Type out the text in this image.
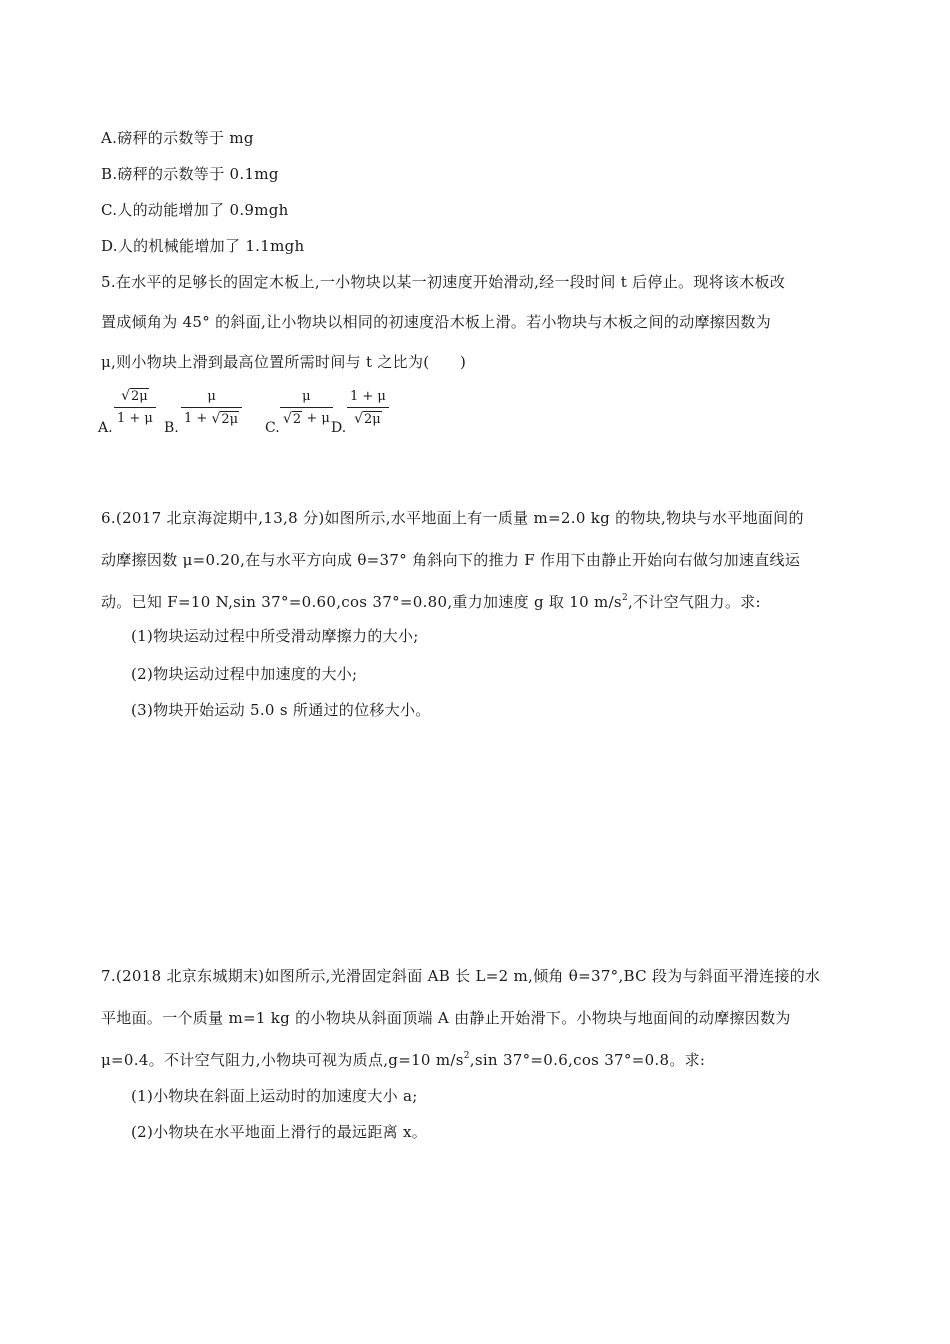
A.磅秤的示数等于 mg
B.磅秤的示数等于 0.1mg
C.人的动能增加了 0.9mgh
D.人的机械能增加了 1.1mgh
5.在水平的足够长的固定木板上,一小物块以某一初速度开始滑动,经一段时间 t 后停止。现将该木板改
置成倾角为 45° 的斜面,让小物块以相同的初速度沿木板上滑。若小物块与木板之间的动摩擦因数为
μ,则小物块上滑到最高位置所需时间与 t 之比为(　　)
A.
√ 2μ
1 + μ
B.
μ
1 + √ 2μ
C.
μ
√ 2 + μ
D.
1 + μ
√ 2μ
6.(2017 北京海淀期中,13,8 分)如图所示,水平地面上有一质量 m=2.0 kg 的物块,物块与水平地面间的
动摩擦因数 μ=0.20,在与水平方向成 θ=37° 角斜向下的推力 F 作用下由静止开始向右做匀加速直线运
动。已知 F=10 N,sin 37°=0.60,cos 37°=0.80,重力加速度 g 取 10 $m/s^2$,不计空气阻力。求:
(1)物块运动过程中所受滑动摩擦力的大小;
(2)物块运动过程中加速度的大小;
(3)物块开始运动 5.0 s 所通过的位移大小。
7.(2018 北京东城期末)如图所示,光滑固定斜面 AB 长 L=2 m,倾角 θ=37°,BC 段为与斜面平滑连接的水
平地面。一个质量 m=1 kg 的小物块从斜面顶端 A 由静止开始滑下。小物块与地面间的动摩擦因数为
μ=0.4。不计空气阻力,小物块可视为质点,g=10 $m/s^2,\sin$ 37°=0.6,cos 37°=0.8。求:
(1)小物块在斜面上运动时的加速度大小 a;
(2)小物块在水平地面上滑行的最远距离 x。
